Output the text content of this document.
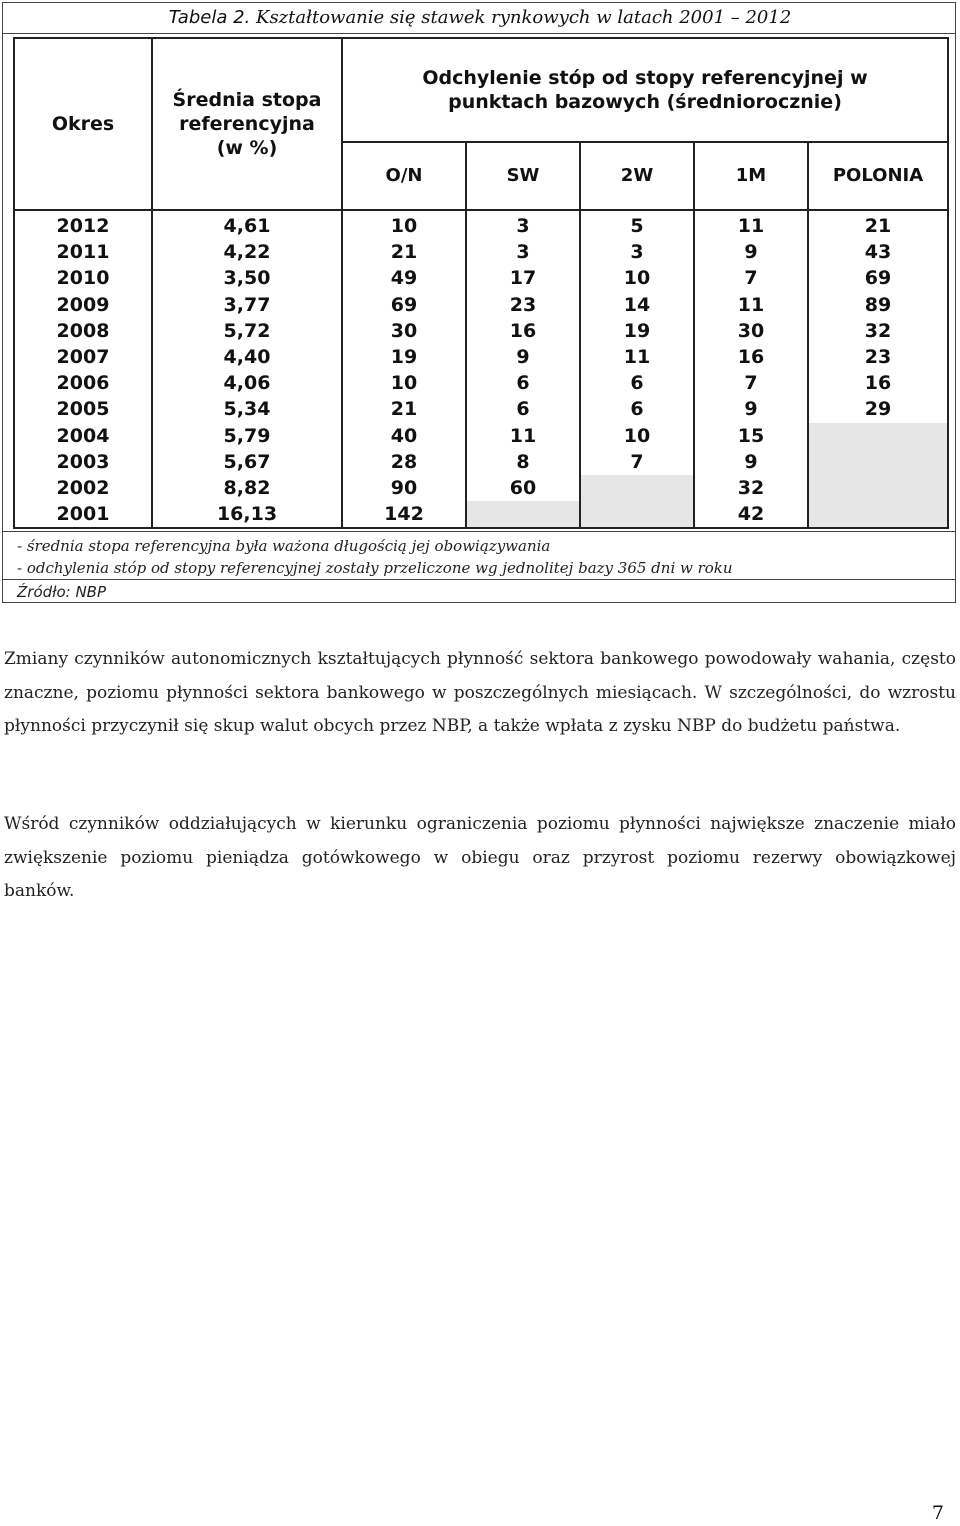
Tabela 2. Kształtowanie się stawek rynkowych w latach 2001 – 2012
Okres	Średnia stopa referencyjna (w %)	Odchylenie stóp od stopy referencyjnej w punktach bazowych (średniorocznie)				
		O/N	SW	2W	1M	POLONIA
2012	4,61	10	3	5	11	21
2011	4,22	21	3	3	9	43
2010	3,50	49	17	10	7	69
2009	3,77	69	23	14	11	89
2008	5,72	30	16	19	30	32
2007	4,40	19	9	11	16	23
2006	4,06	10	6	6	7	16
2005	5,34	21	6	6	9	29
2004	5,79	40	11	10	15	
2003	5,67	28	8	7	9	
2002	8,82	90	60		32	
2001	16,13	142			42	
- średnia stopa referencyjna była ważona długością jej obowiązywania
- odchylenia stóp od stopy referencyjnej zostały przeliczone wg jednolitej bazy 365 dni w roku
Źródło: NBP
Zmiany czynników autonomicznych kształtujących płynność sektora bankowego powodowały wahania, często znaczne, poziomu płynności sektora bankowego w poszczególnych miesiącach. W szczególności, do wzrostu płynności przyczynił się skup walut obcych przez NBP, a także wpłata z zysku NBP do budżetu państwa.
Wśród czynników oddziałujących w kierunku ograniczenia poziomu płynności największe znaczenie miało zwiększenie poziomu pieniądza gotówkowego w obiegu oraz przyrost poziomu rezerwy obowiązkowej banków.
7
